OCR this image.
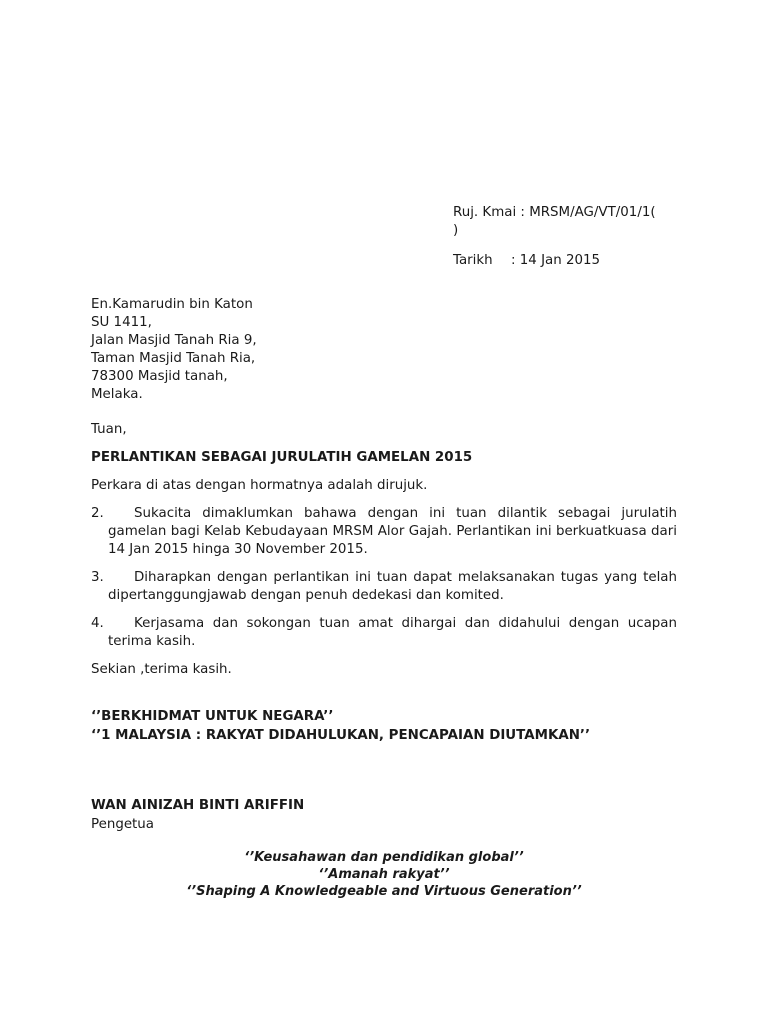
Ruj. Kmai : MRSM/AG/VT/01/1(
)
Tarikh : 14 Jan 2015
En.Kamarudin bin Katon
SU 1411,
Jalan Masjid Tanah Ria 9,
Taman Masjid Tanah Ria,
78300 Masjid tanah,
Melaka.
Tuan,
PERLANTIKAN SEBAGAI JURULATIH GAMELAN 2015
Perkara di atas dengan hormatnya adalah dirujuk.
2.	Sukacita dimaklumkan bahawa dengan ini tuan dilantik sebagai jurulatih gamelan bagi Kelab Kebudayaan MRSM Alor Gajah. Perlantikan ini berkuatkuasa dari 14 Jan 2015 hinga 30 November 2015.
3.	Diharapkan dengan perlantikan ini tuan dapat melaksanakan tugas yang telah dipertanggungjawab dengan penuh dedekasi dan komited.
4.	Kerjasama dan sokongan tuan amat dihargai dan didahului dengan ucapan terima kasih.
Sekian ,terima kasih.
‘’BERKHIDMAT UNTUK NEGARA’’
‘’1 MALAYSIA : RAKYAT DIDAHULUKAN, PENCAPAIAN DIUTAMKAN’’
WAN AINIZAH BINTI ARIFFIN
Pengetua
‘’Keusahawan dan pendidikan global’’
‘’Amanah rakyat’’
‘’Shaping A Knowledgeable and Virtuous Generation’’
